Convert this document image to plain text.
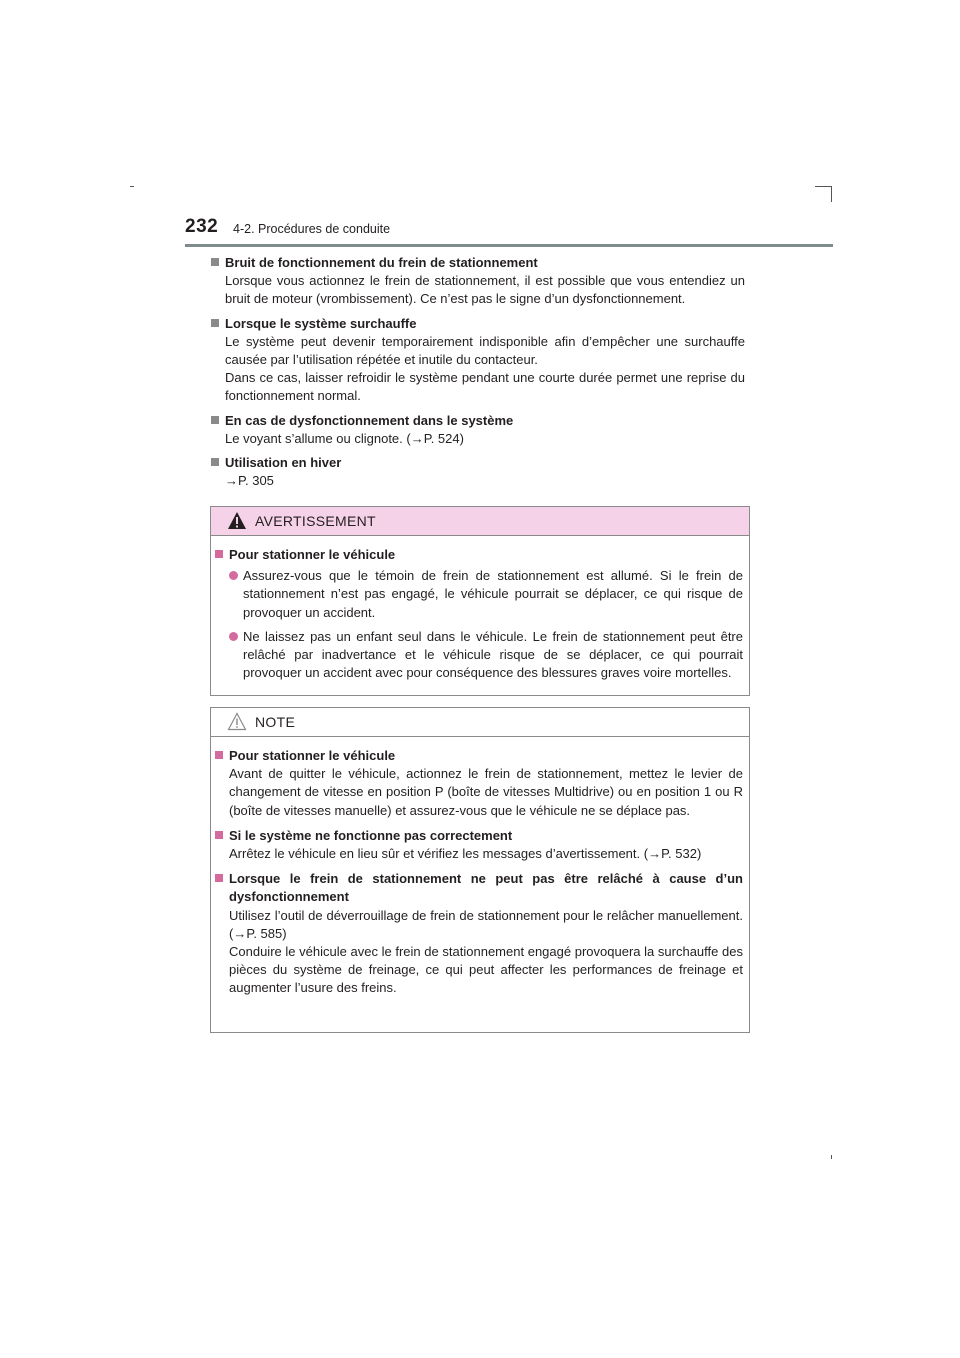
232 4-2. Procédures de conduite
Bruit de fonctionnement du frein de stationnement
Lorsque vous actionnez le frein de stationnement, il est possible que vous entendiez un bruit de moteur (vrombissement). Ce n’est pas le signe d’un dysfonctionnement.
Lorsque le système surchauffe
Le système peut devenir temporairement indisponible afin d’empêcher une surchauffe causée par l’utilisation répétée et inutile du contacteur.
Dans ce cas, laisser refroidir le système pendant une courte durée permet une reprise du fonctionnement normal.
En cas de dysfonctionnement dans le système
Le voyant s’allume ou clignote. (→P. 524)
Utilisation en hiver
→P. 305
AVERTISSEMENT
Pour stationner le véhicule
Assurez-vous que le témoin de frein de stationnement est allumé. Si le frein de stationnement n’est pas engagé, le véhicule pourrait se déplacer, ce qui risque de provoquer un accident.
Ne laissez pas un enfant seul dans le véhicule. Le frein de stationnement peut être relâché par inadvertance et le véhicule risque de se déplacer, ce qui pourrait provoquer un accident avec pour conséquence des blessures graves voire mortelles.
NOTE
Pour stationner le véhicule
Avant de quitter le véhicule, actionnez le frein de stationnement, mettez le levier de changement de vitesse en position P (boîte de vitesses Multidrive) ou en position 1 ou R (boîte de vitesses manuelle) et assurez-vous que le véhicule ne se déplace pas.
Si le système ne fonctionne pas correctement
Arrêtez le véhicule en lieu sûr et vérifiez les messages d’avertissement. (→P. 532)
Lorsque le frein de stationnement ne peut pas être relâché à cause d’un dysfonctionnement
Utilisez l’outil de déverrouillage de frein de stationnement pour le relâcher manuellement. (→P. 585)
Conduire le véhicule avec le frein de stationnement engagé provoquera la surchauffe des pièces du système de freinage, ce qui peut affecter les performances de freinage et augmenter l’usure des freins.
